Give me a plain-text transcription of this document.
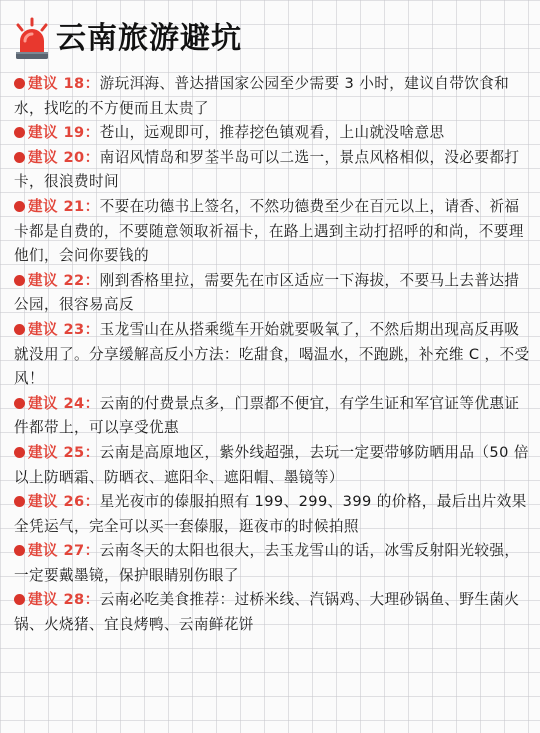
云南旅游避坑

建议 18：游玩洱海、普达措国家公园至少需要 3 小时，建议自带饮食和水，找吃的不方便而且太贵了

建议 19：苍山，远观即可，推荐挖色镇观看，上山就没啥意思

建议 20：南诏风情岛和罗荃半岛可以二选一，景点风格相似，没必要都打卡，很浪费时间

建议 21：不要在功德书上签名，不然功德费至少在百元以上，请香、祈福卡都是自费的，不要随意领取祈福卡，在路上遇到主动打招呼的和尚，不要理他们，会问你要钱的

建议 22：刚到香格里拉，需要先在市区适应一下海拔，不要马上去普达措公园，很容易高反

建议 23：玉龙雪山在从搭乘缆车开始就要吸氧了，不然后期出现高反再吸就没用了。分享缓解高反小方法：吃甜食，喝温水，不跑跳，补充维 C ，不受风！

建议 24：云南的付费景点多，门票都不便宜，有学生证和军官证等优惠证件都带上，可以享受优惠

建议 25：云南是高原地区，紫外线超强，去玩一定要带够防晒用品（50 倍以上防晒霜、防晒衣、遮阳伞、遮阳帽、墨镜等）

建议 26：星光夜市的傣服拍照有 199、299、399 的价格，最后出片效果全凭运气，完全可以买一套傣服，逛夜市的时候拍照

建议 27：云南冬天的太阳也很大，去玉龙雪山的话，冰雪反射阳光较强，一定要戴墨镜，保护眼睛别伤眼了

建议 28：云南必吃美食推荐：过桥米线、汽锅鸡、大理砂锅鱼、野生菌火锅、火烧猪、宜良烤鸭、云南鲜花饼
